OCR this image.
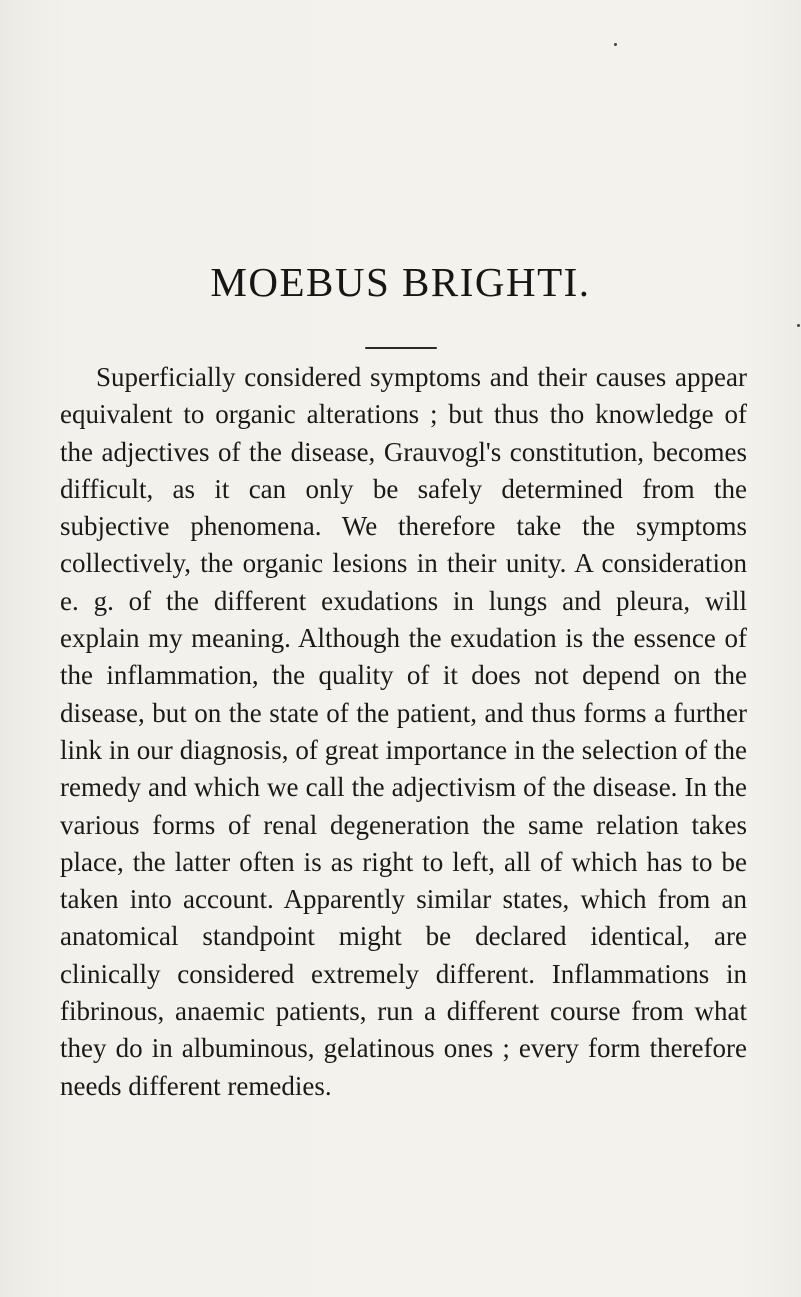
MOEBUS BRIGHTI.

Superficially considered symptoms and their causes appear equivalent to organic alterations ; but thus tho knowledge of the adjectives of the disease, Grauvogl's constitution, becomes difficult, as it can only be safely determined from the subjective phenomena. We therefore take the symptoms collectively, the organic lesions in their unity. A consideration e. g. of the different exudations in lungs and pleura, will explain my meaning. Although the exudation is the essence of the inflammation, the quality of it does not depend on the disease, but on the state of the patient, and thus forms a further link in our diagnosis, of great importance in the selection of the remedy and which we call the adjectivism of the disease. In the various forms of renal degeneration the same relation takes place, the latter often is as right to left, all of which has to be taken into account. Apparently similar states, which from an anatomical standpoint might be declared identical, are clinically considered extremely different. Inflammations in fibrinous, anaemic patients, run a different course from what they do in albuminous, gelatinous ones ; every form therefore needs different remedies.
